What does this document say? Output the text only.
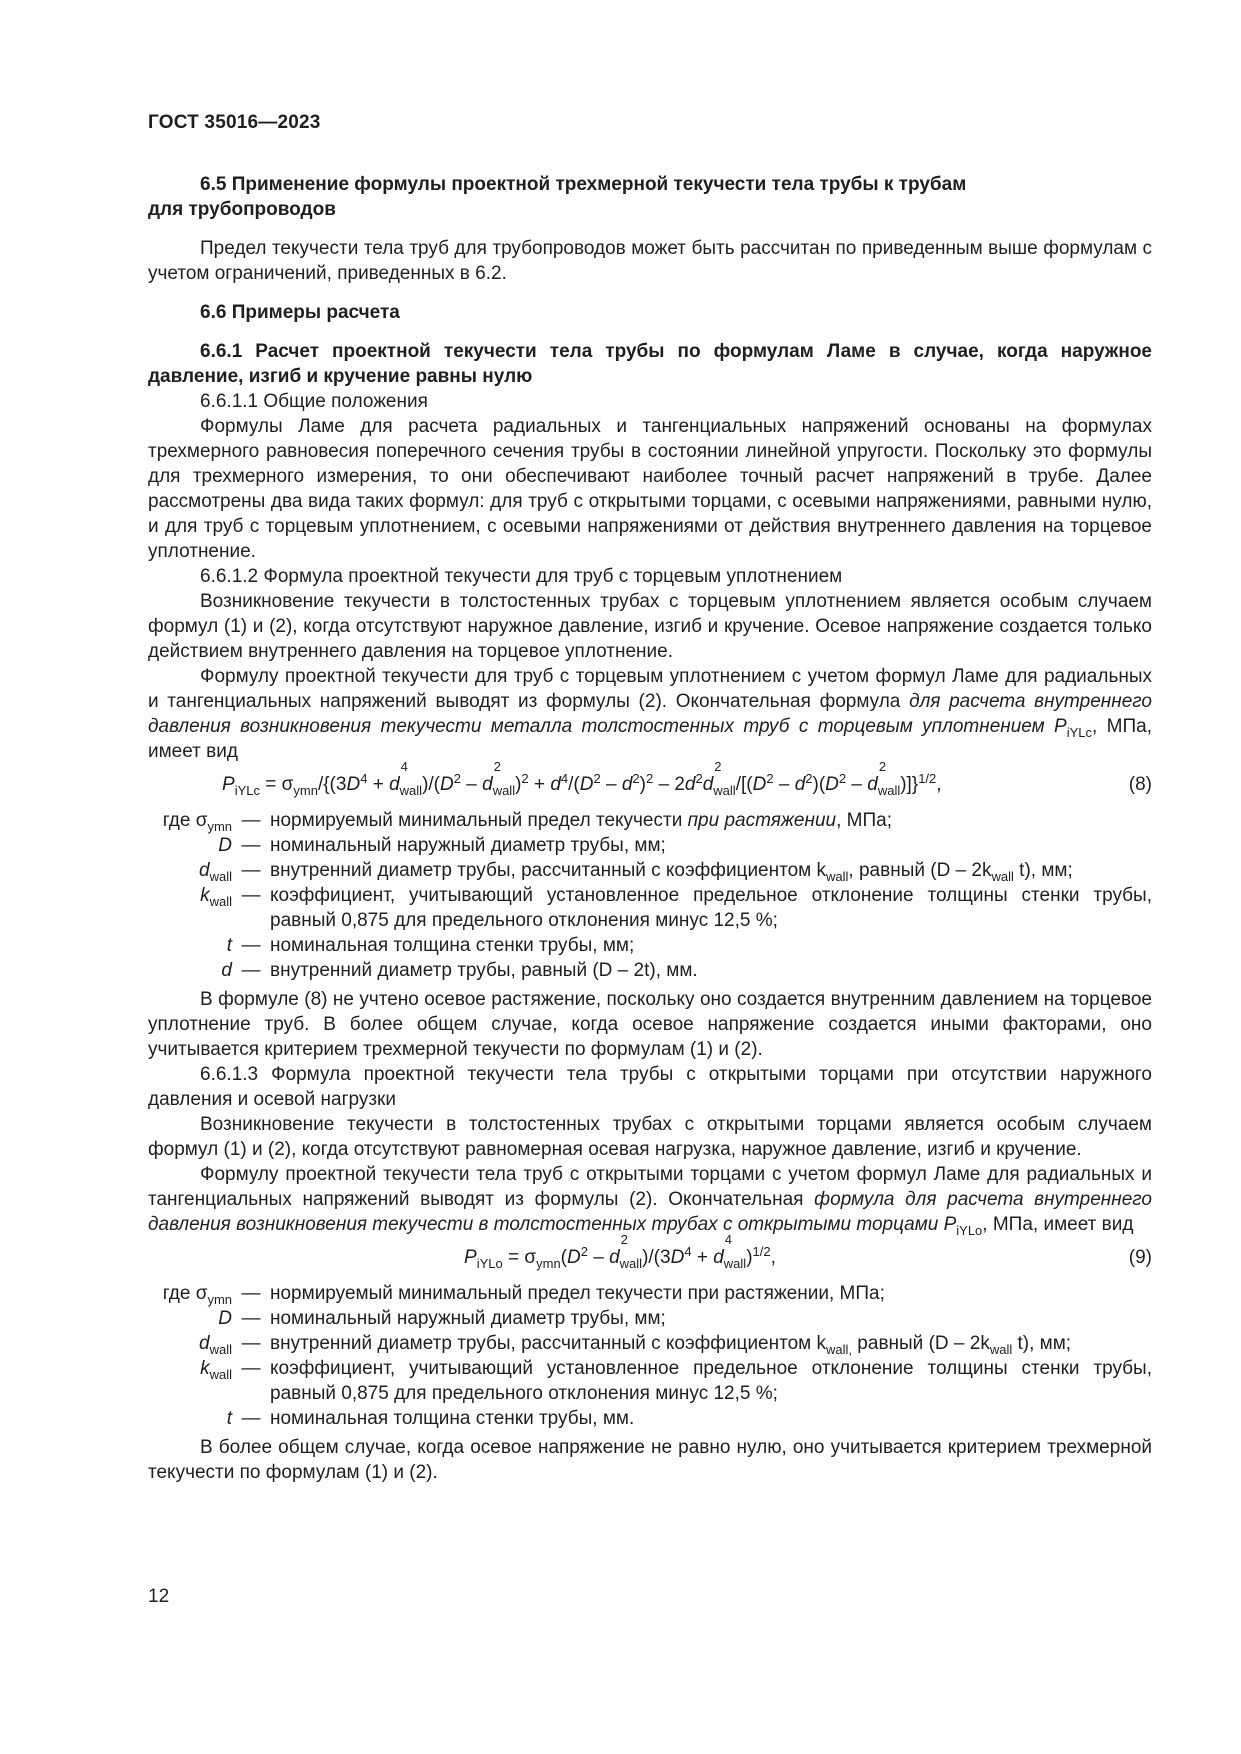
ГОСТ 35016—2023

6.5 Применение формулы проектной трехмерной текучести тела трубы к трубам
для трубопроводов

Предел текучести тела труб для трубопроводов может быть рассчитан по приведенным выше формулам с учетом ограничений, приведенных в 6.2.

6.6 Примеры расчета

6.6.1 Расчет проектной текучести тела трубы по формулам Ламе в случае, когда наружное давление, изгиб и кручение равны нулю

6.6.1.1 Общие положения

Формулы Ламе для расчета радиальных и тангенциальных напряжений основаны на формулах трехмерного равновесия поперечного сечения трубы в состоянии линейной упругости. Поскольку это формулы для трехмерного измерения, то они обеспечивают наиболее точный расчет напряжений в трубе. Далее рассмотрены два вида таких формул: для труб с открытыми торцами, с осевыми напряжениями, равными нулю, и для труб с торцевым уплотнением, с осевыми напряжениями от действия внутреннего давления на торцевое уплотнение.

6.6.1.2 Формула проектной текучести для труб с торцевым уплотнением

Возникновение текучести в толстостенных трубах с торцевым уплотнением является особым случаем формул (1) и (2), когда отсутствуют наружное давление, изгиб и кручение. Осевое напряжение создается только действием внутреннего давления на торцевое уплотнение.

Формулу проектной текучести для труб с торцевым уплотнением с учетом формул Ламе для радиальных и тангенциальных напряжений выводят из формулы (2). Окончательная формула для расчета внутреннего давления возникновения текучести металла толстостенных труб с торцевым уплотнением $P_{iYLc}$, МПа, имеет вид

$P_{iYLc} = \sigma_{ymn}/\{(3D^4 + d$
4
$_{wall})/(D^2$ – d
2
$_{wall})^2 + d^4/(D^2 - d^2)^2 - 2d^2d$
2
$_{wall}/[(D^2 - d^2)(D^2$ – d
2
$_{wall}$)]}$^{1/2}$,	(8)
где $\sigma_{ymn}$	—	нормируемый минимальный предел текучести при растяжении, МПа;
D	—	номинальный наружный диаметр трубы, мм;
$d_{wall}$	—	внутренний диаметр трубы, рассчитанный с коэффициентом $k_{wall}$, равный ($D - 2k_{wall}$ t), мм;
$k_{wall}$	—	коэффициент, учитывающий установленное предельное отклонение толщины стенки трубы, равный 0,875 для предельного отклонения минус 12,5 %;
t	—	номинальная толщина стенки трубы, мм;
d	—	внутренний диаметр трубы, равный (D – 2t), мм.

В формуле (8) не учтено осевое растяжение, поскольку оно создается внутренним давлением на торцевое уплотнение труб. В более общем случае, когда осевое напряжение создается иными факторами, оно учитывается критерием трехмерной текучести по формулам (1) и (2).

6.6.1.3 Формула проектной текучести тела трубы с открытыми торцами при отсутствии наружного давления и осевой нагрузки

Возникновение текучести в толстостенных трубах с открытыми торцами является особым случаем формул (1) и (2), когда отсутствуют равномерная осевая нагрузка, наружное давление, изгиб и кручение.

Формулу проектной текучести тела труб с открытыми торцами с учетом формул Ламе для радиальных и тангенциальных напряжений выводят из формулы (2). Окончательная формула для расчета внутреннего давления возникновения текучести в толстостенных трубах с открытыми торцами $P_{iYLo}$, МПа, имеет вид

$P_{iYLo} = \sigma_{ymn}(D^2 - d$
2
$_{wall})/(3D^4 + d$
4
$_{wall}$)$^{1/2}$,	(9)
где $\sigma_{ymn}$	—	нормируемый минимальный предел текучести при растяжении, МПа;
D	—	номинальный наружный диаметр трубы, мм;
$d_{wall}$	—	внутренний диаметр трубы, рассчитанный с коэффициентом $k_{wall,}$ равный ($D - 2k_{wall}$ t), мм;
$k_{wall}$	—	коэффициент, учитывающий установленное предельное отклонение толщины стенки трубы, равный 0,875 для предельного отклонения минус 12,5 %;
t	—	номинальная толщина стенки трубы, мм.

В более общем случае, когда осевое напряжение не равно нулю, оно учитывается критерием трехмерной текучести по формулам (1) и (2).

12
